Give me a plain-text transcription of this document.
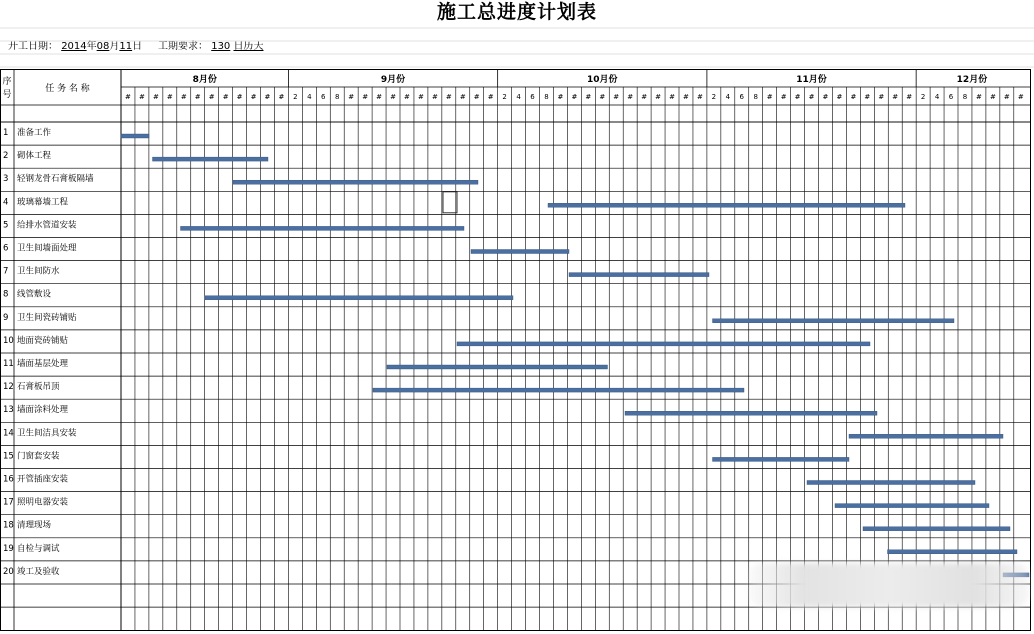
施工总进度计划表
开工日期： 2014年08月11日 工期要求： 130 日历天
序
号
任 务 名 称
8月份
# # # # # # # # # # # #
9月份
2 4 6 8 # # # # # # # # # # #
10月份
2 4 6 8 # # # # # # # # # # #
11月份
2 4 6 8 # # # # # # # # # # #
12月份
2 4 6 8 # # # #
1 准备工作
2 砌体工程
3 轻钢龙骨石膏板隔墙
4 玻璃幕墙工程
5 给排水管道安装
6 卫生间墙面处理
7 卫生间防水
8 线管敷设
9 卫生间瓷砖铺贴
10 地面瓷砖铺贴
11 墙面基层处理
12 石膏板吊顶
13 墙面涂料处理
14 卫生间洁具安装
15 门窗套安装
16 开管插座安装
17 照明电器安装
18 清理现场
19 自检与调试
20 竣工及验收
